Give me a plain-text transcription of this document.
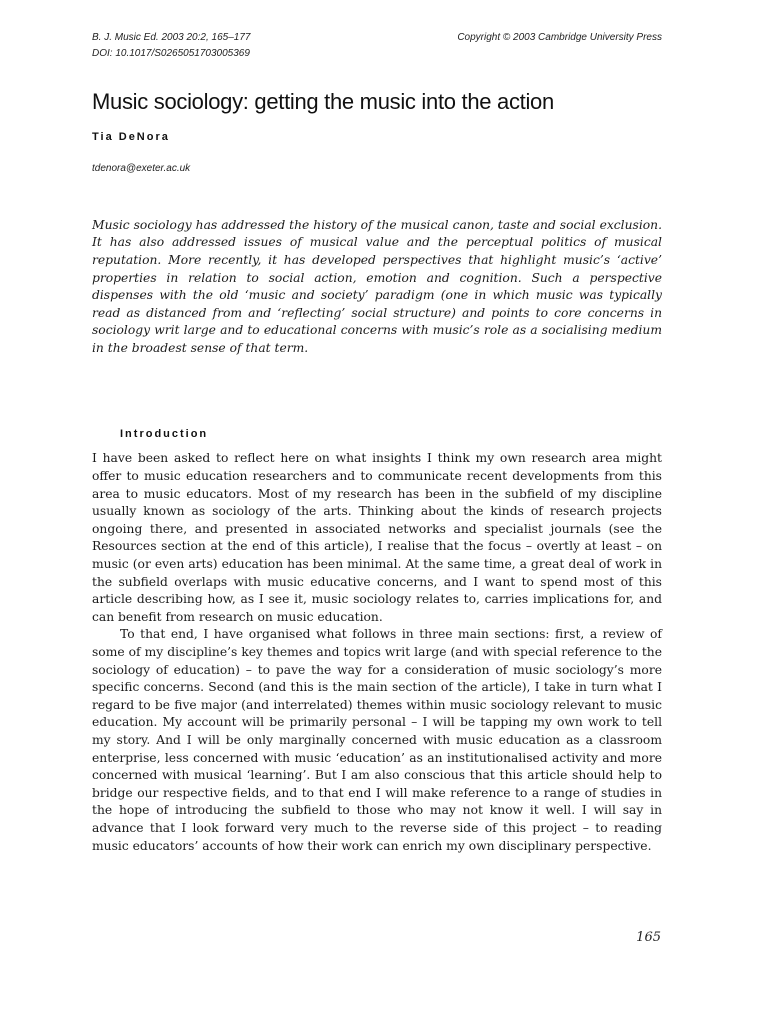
B. J. Music Ed. 2003 20:2, 165–177
DOI: 10.1017/S0265051703005369
Copyright © 2003 Cambridge University Press
Music sociology: getting the music into the action
Tia DeNora
tdenora@exeter.ac.uk
Music sociology has addressed the history of the musical canon, taste and social exclusion. It has also addressed issues of musical value and the perceptual politics of musical reputation. More recently, it has developed perspectives that highlight music’s ‘active’ properties in relation to social action, emotion and cognition. Such a perspective dispenses with the old ‘music and society’ paradigm (one in which music was typically read as distanced from and ‘reflecting’ social structure) and points to core concerns in sociology writ large and to educational concerns with music’s role as a socialising medium in the broadest sense of that term.
Introduction

I have been asked to reflect here on what insights I think my own research area might offer to music education researchers and to communicate recent developments from this area to music educators. Most of my research has been in the subfield of my discipline usually known as sociology of the arts. Thinking about the kinds of research projects ongoing there, and presented in associated networks and specialist journals (see the Resources section at the end of this article), I realise that the focus – overtly at least – on music (or even arts) education has been minimal. At the same time, a great deal of work in the subfield overlaps with music educative concerns, and I want to spend most of this article describing how, as I see it, music sociology relates to, carries implications for, and can benefit from research on music education.

To that end, I have organised what follows in three main sections: first, a review of some of my discipline’s key themes and topics writ large (and with special reference to the sociology of education) – to pave the way for a consideration of music sociology’s more specific concerns. Second (and this is the main section of the article), I take in turn what I regard to be five major (and interrelated) themes within music sociology relevant to music education. My account will be primarily personal – I will be tapping my own work to tell my story. And I will be only marginally concerned with music education as a classroom enterprise, less concerned with music ‘education’ as an institutionalised activity and more concerned with musical ‘learning’. But I am also conscious that this article should help to bridge our respective fields, and to that end I will make reference to a range of studies in the hope of introducing the subfield to those who may not know it well. I will say in advance that I look forward very much to the reverse side of this project – to reading music educators’ accounts of how their work can enrich my own disciplinary perspective.

165
